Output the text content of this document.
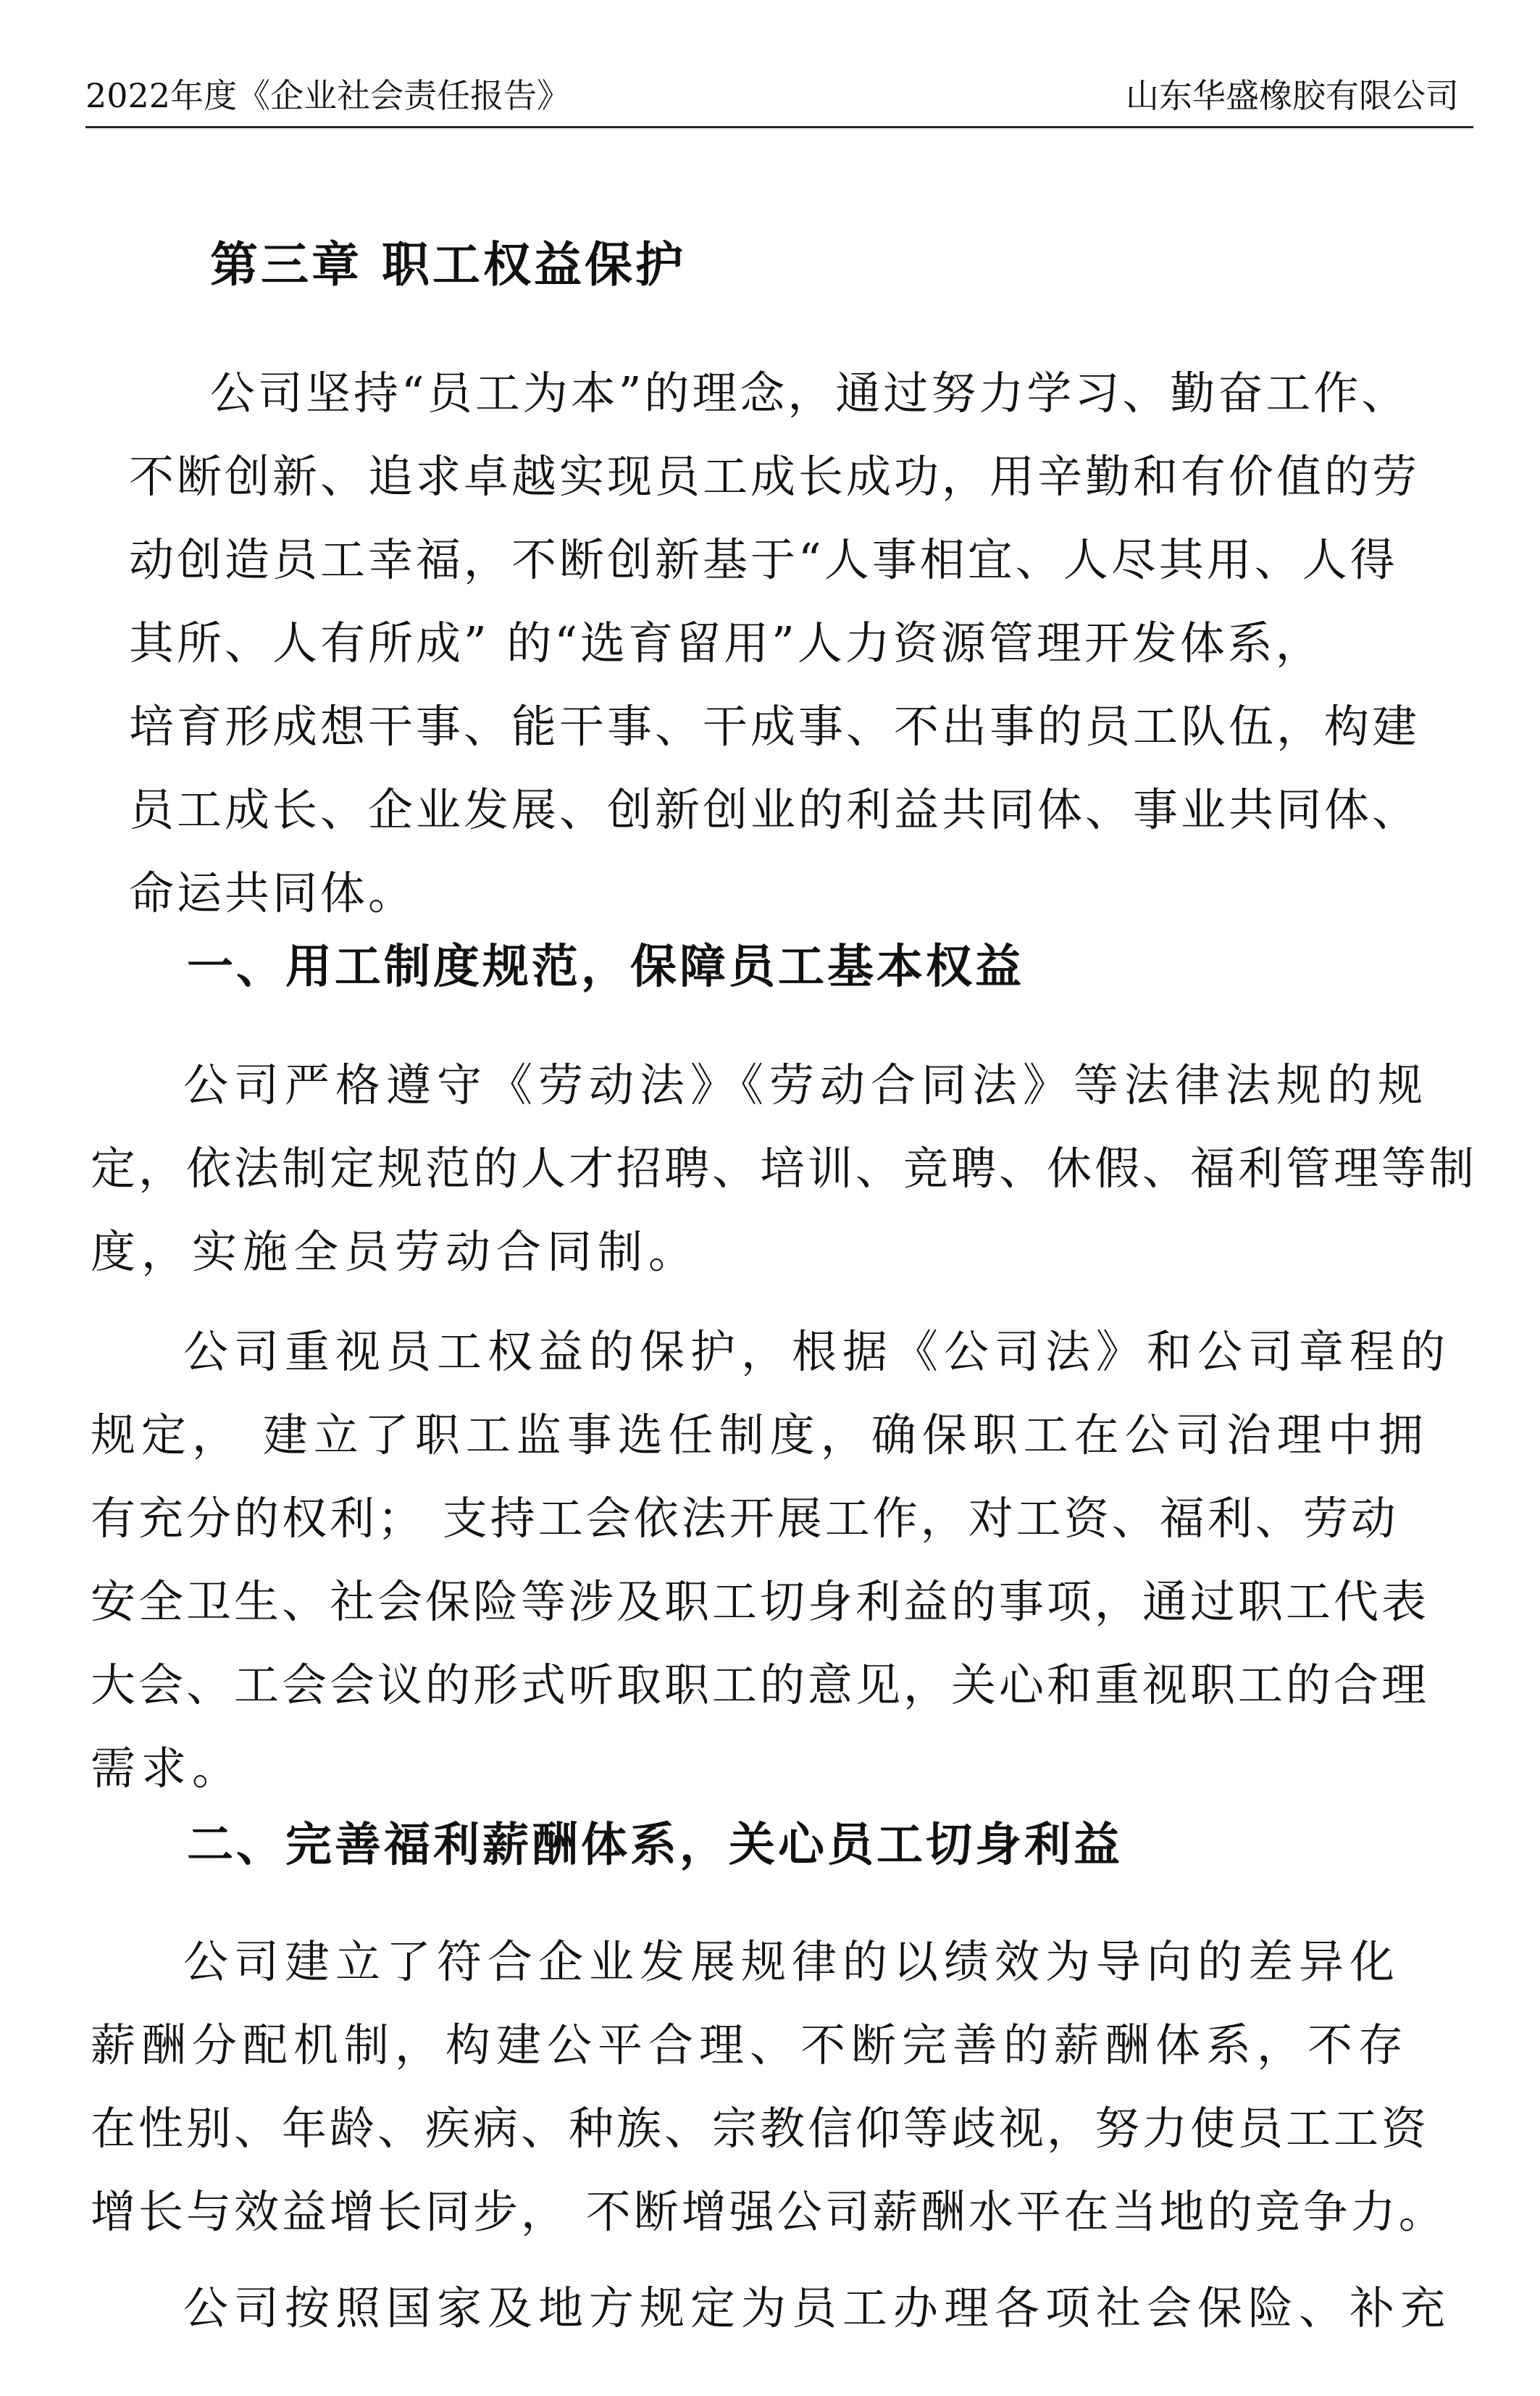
2022年度《企业社会责任报告》	山东华盛橡胶有限公司
第三章 职工权益保护
公司坚持“员工为本”的理念，通过努力学习、勤奋工作、
不断创新、追求卓越实现员工成长成功，用辛勤和有价值的劳
动创造员工幸福，不断创新基于“人事相宜、人尽其用、人得
其所、人有所成” 的“选育留用”人力资源管理开发体系，
培育形成想干事、能干事、干成事、不出事的员工队伍，构建
员工成长、企业发展、创新创业的利益共同体、事业共同体、
命运共同体。
一、用工制度规范，保障员工基本权益
公司严格遵守《劳动法》《劳动合同法》等法律法规的规
定，依法制定规范的人才招聘、培训、竞聘、休假、福利管理等制
度，实施全员劳动合同制。
公司重视员工权益的保护，根据《公司法》和公司章程的
规定， 建立了职工监事选任制度，确保职工在公司治理中拥
有充分的权利； 支持工会依法开展工作，对工资、福利、劳动
安全卫生、社会保险等涉及职工切身利益的事项，通过职工代表
大会、工会会议的形式听取职工的意见，关心和重视职工的合理
需求。
二、完善福利薪酬体系，关心员工切身利益
公司建立了符合企业发展规律的以绩效为导向的差异化
薪酬分配机制，构建公平合理、不断完善的薪酬体系，不存
在性别、年龄、疾病、种族、宗教信仰等歧视，努力使员工工资
增长与效益增长同步， 不断增强公司薪酬水平在当地的竞争力。
公司按照国家及地方规定为员工办理各项社会保险、补充
